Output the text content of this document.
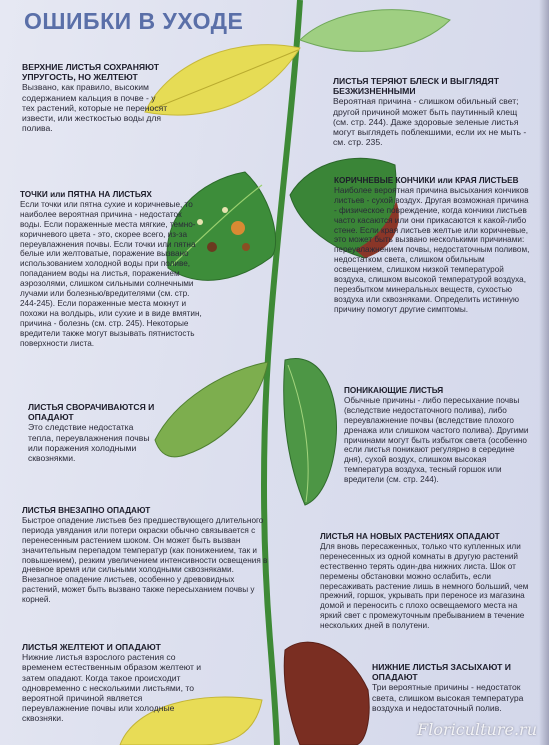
ОШИБКИ В УХОДЕ
ВЕРХНИЕ ЛИСТЬЯ СОХРАНЯЮТ УПРУГОСТЬ, НО ЖЕЛТЕЮТ
Вызвано, как правило, высоким содержанием кальция в почве - у тех растений, которые не переносят извести, или жесткостью воды для полива.
ТОЧКИ или ПЯТНА НА ЛИСТЬЯХ
Если точки или пятна сухие и коричневые, то наиболее вероятная причина - недостаток воды. Если пораженные места мягкие, темно-коричневого цвета - это, скорее всего, из-за переувлажнения почвы. Если точки или пятна белые или желтоватые, поражение вызвано использованием холодной воды при поливе, попаданием воды на листья, поражением аэрозолями, слишком сильными солнечными лучами или болезнью/вредителями (см. стр. 244-245). Если пораженные места мокнут и похожи на волдырь, или сухие и в виде вмятин, причина - болезнь (см. стр. 245). Некоторые вредители также могут вызывать пятнистость поверхности листа.
ЛИСТЬЯ СВОРАЧИВАЮТСЯ И ОПАДАЮТ
Это следствие недостатка тепла, переувлажнения почвы или поражения холодными сквознякми.
ЛИСТЬЯ ВНЕЗАПНО ОПАДАЮТ
Быстрое опадение листьев без предшествующего длительного периода увядания или потери окраски обычно связывается с перенесенным растением шоком. Он может быть вызван значительным перепадом температур (как понижением, так и повышением), резким увеличением интенсивности освещения в дневное время или сильными холодными сквозняками. Внезапное опадение листьев, особенно у древовидных растений, может быть вызвано также пересыханием почвы у корней.
ЛИСТЬЯ ЖЕЛТЕЮТ И ОПАДАЮТ
Нижние листья взрослого растения со временем естественным образом желтеют и затем опадают. Когда такое происходит одновременно с несколькими листьями, то вероятной причиной является переувлажнение почвы или холодные сквозняки.
ЛИСТЬЯ ТЕРЯЮТ БЛЕСК И ВЫГЛЯДЯТ БЕЗЖИЗНЕННЫМИ
Вероятная причина - слишком обильный свет; другой причиной может быть паутинный клещ (см. стр. 244). Даже здоровые зеленые листья могут выглядеть поблекшими, если их не мыть - см. стр. 235.
КОРИЧНЕВЫЕ КОНЧИКИ или КРАЯ ЛИСТЬЕВ
Наиболее вероятная причина высыхания кончиков листьев - сухой воздух. Другая возможная причина - физическое повреждение, когда кончики листьев часто касаются или они прикасаются к какой-либо стене. Если края листьев желтые или коричневые, это может быть вызвано несколькими причинами: переувлажнением почвы, недостаточным поливом, недостатком света, слишком обильным освещением, слишком низкой температурой воздуха, слишком высокой температурой воздуха, перезбытком минеральных веществ, сухостью воздуха или сквозняками. Определить истинную причину помогут другие симптомы.
ПОНИКАЮЩИЕ ЛИСТЬЯ
Обычные причины - либо пересыхание почвы (вследствие недостаточного полива), либо переувлажнение почвы (вследствие плохого дренажа или слишком частого полива). Другими причинами могут быть избыток света (особенно если листья поникают регулярно в середине дня), сухой воздух, слишком высокая температура воздуха, тесный горшок или вредители (см. стр. 244).
ЛИСТЬЯ НА НОВЫХ РАСТЕНИЯХ ОПАДАЮТ
Для вновь пересаженных, только что купленных или перенесенных из одной комнаты в другую растений естественно терять один-два нижних листа. Шок от перемены обстановки можно ослабить, если пересаживать растение лишь в немного больший, чем прежний, горшок, укрывать при переносе из магазина домой и переносить с плохо освещаемого места на яркий свет с промежуточным пребыванием в течение нескольких дней в полутени.
НИЖНИЕ ЛИСТЬЯ ЗАСЫХАЮТ И ОПАДАЮТ
Три вероятные причины - недостаток света, слишком высокая температура воздуха и недостаточный полив.
Floriculture.ru
